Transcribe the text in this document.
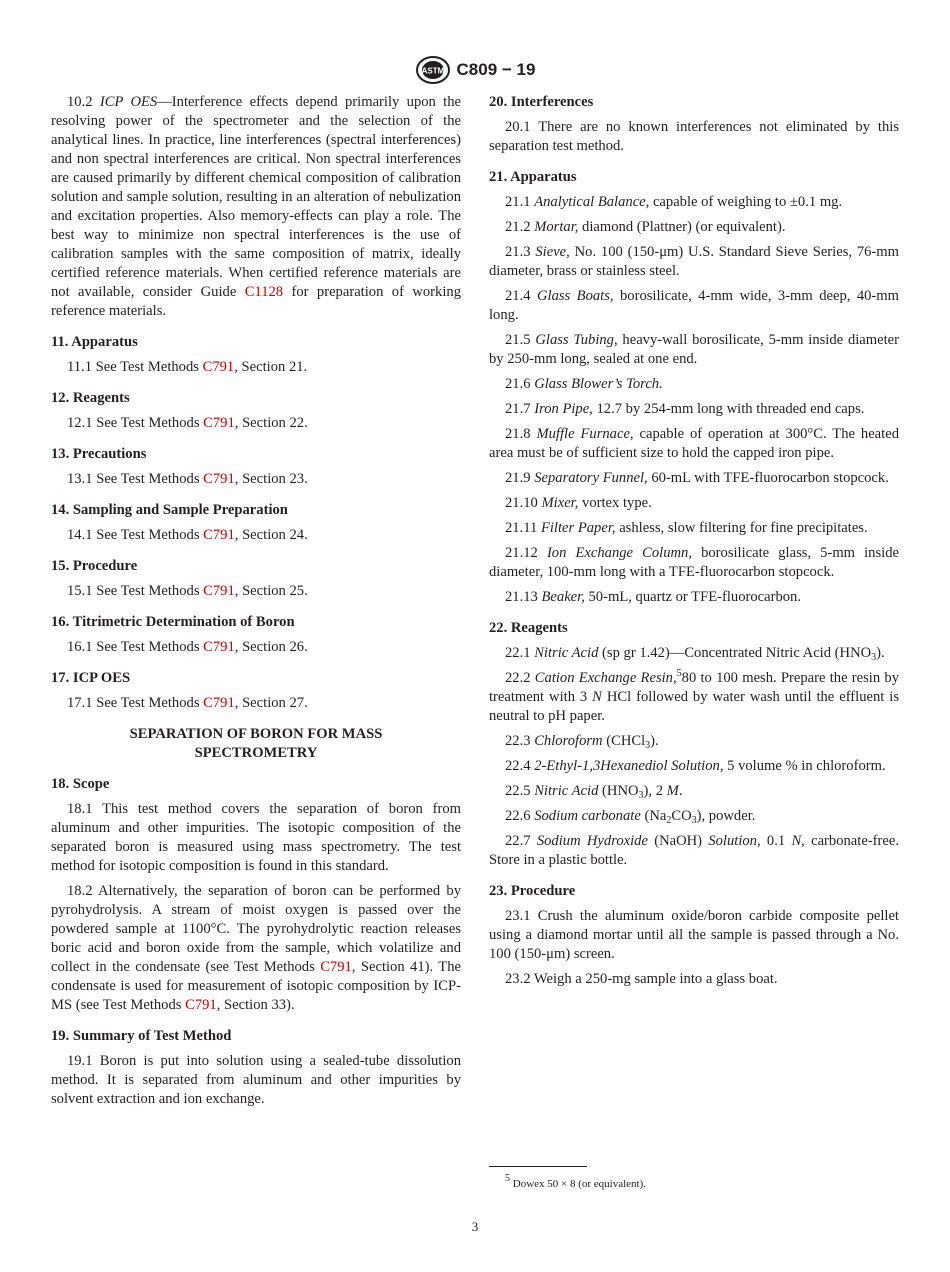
ASTM C809 − 19

10.2 ICP OES—Interference effects depend primarily upon the resolving power of the spectrometer and the selection of the analytical lines. In practice, line interferences (spectral interferences) and non spectral interferences are critical. Non spectral interferences are caused primarily by different chemical composition of calibration solution and sample solution, resulting in an alteration of nebulization and excitation properties. Also memory-effects can play a role. The best way to minimize non spectral interferences is the use of calibration samples with the same composition of matrix, ideally certified reference materials. When certified reference materials are not available, consider Guide C1128 for preparation of working reference materials.

11. Apparatus

11.1 See Test Methods C791, Section 21.

12. Reagents

12.1 See Test Methods C791, Section 22.

13. Precautions

13.1 See Test Methods C791, Section 23.

14. Sampling and Sample Preparation

14.1 See Test Methods C791, Section 24.

15. Procedure

15.1 See Test Methods C791, Section 25.

16. Titrimetric Determination of Boron

16.1 See Test Methods C791, Section 26.

17. ICP OES

17.1 See Test Methods C791, Section 27.

SEPARATION OF BORON FOR MASS SPECTROMETRY
18. Scope

18.1 This test method covers the separation of boron from aluminum and other impurities. The isotopic composition of the separated boron is measured using mass spectrometry. The test method for isotopic composition is found in this standard.

18.2 Alternatively, the separation of boron can be performed by pyrohydrolysis. A stream of moist oxygen is passed over the powdered sample at 1100°C. The pyrohydrolytic reaction releases boric acid and boron oxide from the sample, which volatilize and collect in the condensate (see Test Methods C791, Section 41). The condensate is used for measurement of isotopic composition by ICP-MS (see Test Methods C791, Section 33).

19. Summary of Test Method

19.1 Boron is put into solution using a sealed-tube dissolution method. It is separated from aluminum and other impurities by solvent extraction and ion exchange.

20. Interferences

20.1 There are no known interferences not eliminated by this separation test method.

21. Apparatus

21.1 Analytical Balance, capable of weighing to ±0.1 mg.

21.2 Mortar, diamond (Plattner) (or equivalent).

21.3 Sieve, No. 100 (150-μm) U.S. Standard Sieve Series, 76-mm diameter, brass or stainless steel.

21.4 Glass Boats, borosilicate, 4-mm wide, 3-mm deep, 40-mm long.

21.5 Glass Tubing, heavy-wall borosilicate, 5-mm inside diameter by 250-mm long, sealed at one end.

21.6 Glass Blower’s Torch.

21.7 Iron Pipe, 12.7 by 254-mm long with threaded end caps.

21.8 Muffle Furnace, capable of operation at 300°C. The heated area must be of sufficient size to hold the capped iron pipe.

21.9 Separatory Funnel, 60-mL with TFE-fluorocarbon stopcock.

21.10 Mixer, vortex type.

21.11 Filter Paper, ashless, slow filtering for fine precipitates.

21.12 Ion Exchange Column, borosilicate glass, 5-mm inside diameter, 100-mm long with a TFE-fluorocarbon stopcock.

21.13 Beaker, 50-mL, quartz or TFE-fluorocarbon.

22. Reagents

22.1 Nitric Acid (sp gr 1.42)—Concentrated Nitric Acid $(HNO_3)$.

22.2 Cation Exchange Resin,$^5$80 to 100 mesh. Prepare the resin by treatment with 3 N HCl followed by water wash until the effluent is neutral to pH paper.

22.3 Chloroform (CHCl$_3$).

22.4 2-Ethyl-1,3Hexanediol Solution, 5 volume % in chloroform.

22.5 Nitric Acid $(HNO_3)$, 2 M.

22.6 Sodium carbonate $(Na_2CO_3)$, powder.

22.7 Sodium Hydroxide (NaOH) Solution, 0.1 N, carbonate-free. Store in a plastic bottle.

23. Procedure

23.1 Crush the aluminum oxide/boron carbide composite pellet using a diamond mortar until all the sample is passed through a No. 100 (150-μm) screen.

23.2 Weigh a 250-mg sample into a glass boat.

$^5$ Dowex 50 × 8 (or equivalent).
3
